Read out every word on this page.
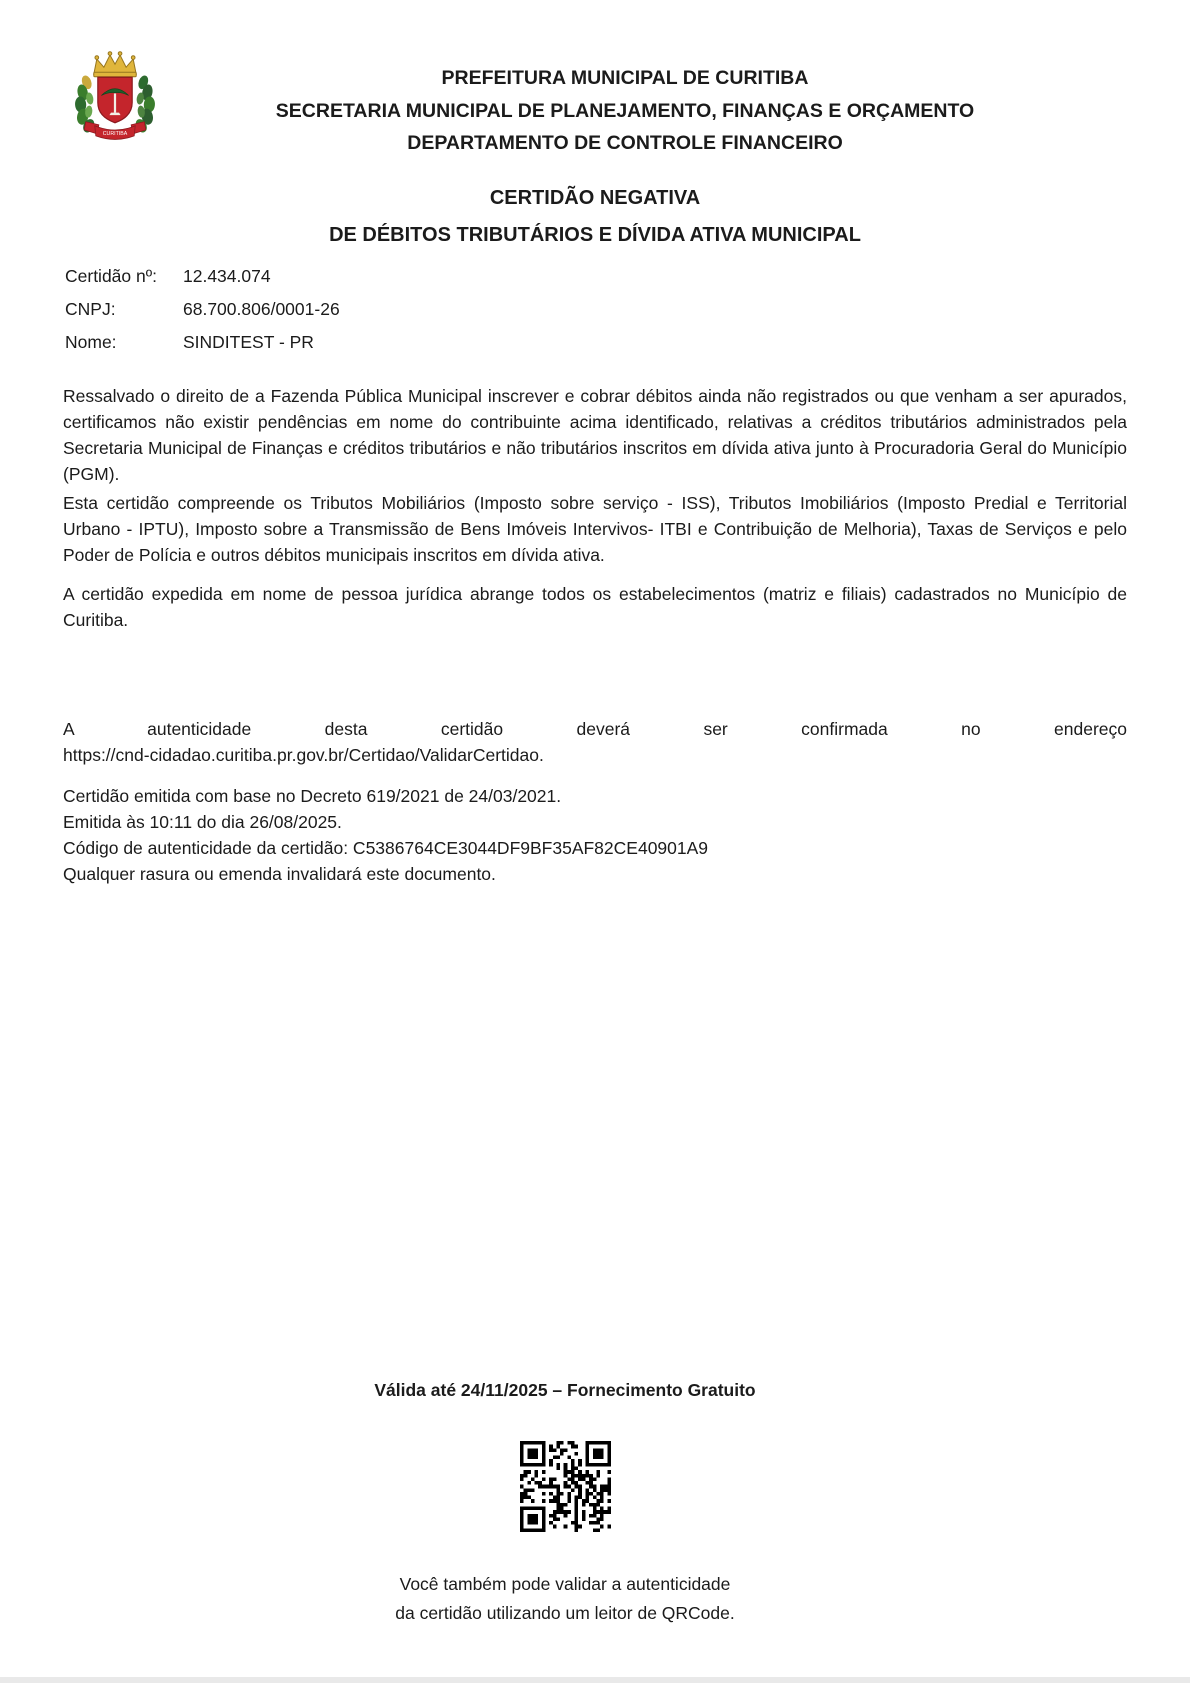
CURITIBA
PREFEITURA MUNICIPAL DE CURITIBA
SECRETARIA MUNICIPAL DE PLANEJAMENTO, FINANÇAS E ORÇAMENTO
DEPARTAMENTO DE CONTROLE FINANCEIRO
CERTIDÃO NEGATIVA
DE DÉBITOS TRIBUTÁRIOS E DÍVIDA ATIVA MUNICIPAL
Certidão nº:	12.434.074
CNPJ:	68.700.806/0001-26
Nome:	SINDITEST - PR
Ressalvado o direito de a Fazenda Pública Municipal inscrever e cobrar débitos ainda não registrados ou que venham a ser apurados, certificamos não existir pendências em nome do contribuinte acima identificado, relativas a créditos tributários administrados pela Secretaria Municipal de Finanças e créditos tributários e não tributários inscritos em dívida ativa junto à Procuradoria Geral do Município (PGM).
Esta certidão compreende os Tributos Mobiliários (Imposto sobre serviço - ISS), Tributos Imobiliários (Imposto Predial e Territorial Urbano - IPTU), Imposto sobre a Transmissão de Bens Imóveis Intervivos- ITBI e Contribuição de Melhoria), Taxas de Serviços e pelo Poder de Polícia e outros débitos municipais inscritos em dívida ativa.
A certidão expedida em nome de pessoa jurídica abrange todos os estabelecimentos (matriz e filiais) cadastrados no Município de Curitiba.
A autenticidade desta certidão deverá ser confirmada no endereço
https://cnd-cidadao.curitiba.pr.gov.br/Certidao/ValidarCertidao.
Certidão emitida com base no Decreto 619/2021 de 24/03/2021.
Emitida às 10:11 do dia 26/08/2025.
Código de autenticidade da certidão: C5386764CE3044DF9BF35AF82CE40901A9
Qualquer rasura ou emenda invalidará este documento.
Válida até 24/11/2025 – Fornecimento Gratuito
Você também pode validar a autenticidade
da certidão utilizando um leitor de QRCode.
